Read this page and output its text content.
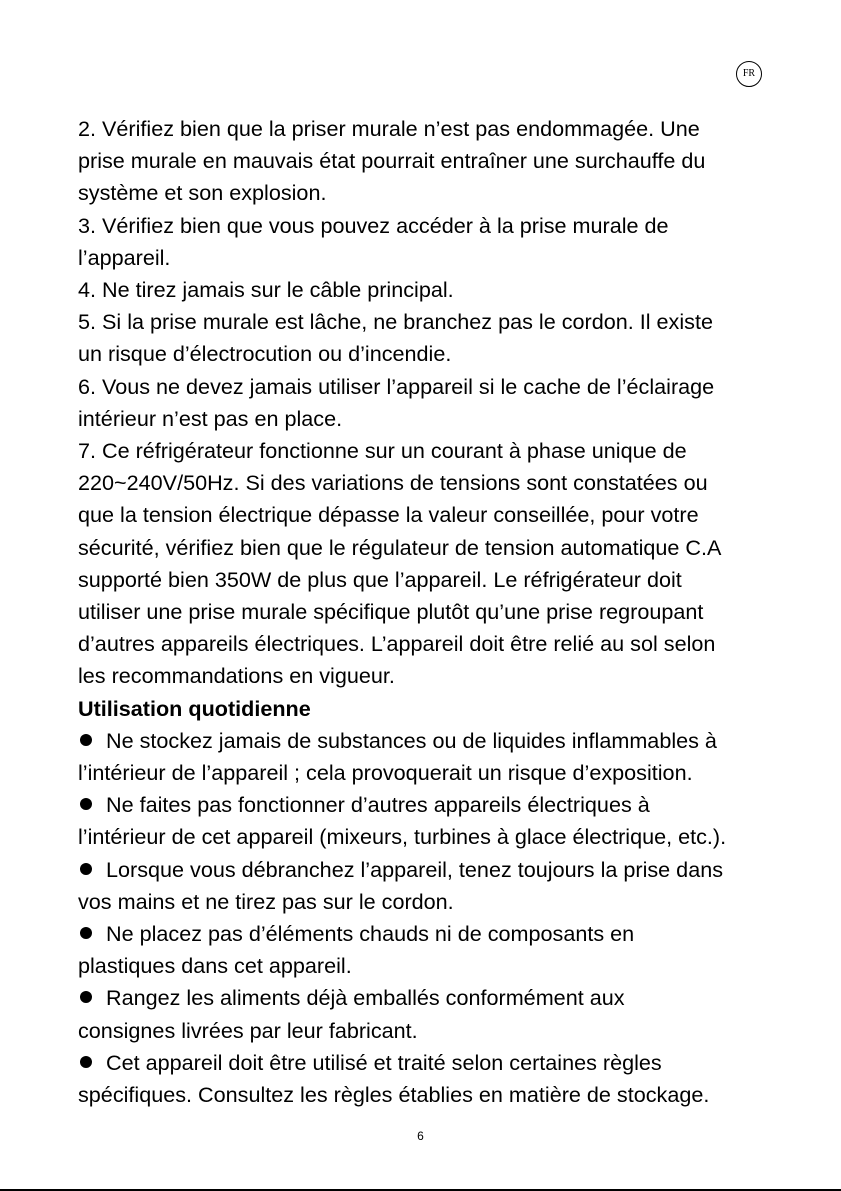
FR

2. Vérifiez bien que la priser murale n’est pas endommagée. Une
prise murale en mauvais état pourrait entraîner une surchauffe du
système et son explosion.

3. Vérifiez bien que vous pouvez accéder à la prise murale de
l’appareil.

4. Ne tirez jamais sur le câble principal.

5. Si la prise murale est lâche, ne branchez pas le cordon. Il existe
un risque d’électrocution ou d’incendie.

6. Vous ne devez jamais utiliser l’appareil si le cache de l’éclairage
intérieur n’est pas en place.

7. Ce réfrigérateur fonctionne sur un courant à phase unique de
220~240V/50Hz. Si des variations de tensions sont constatées ou
que la tension électrique dépasse la valeur conseillée, pour votre
sécurité, vérifiez bien que le régulateur de tension automatique C.A
supporté bien 350W de plus que l’appareil. Le réfrigérateur doit
utiliser une prise murale spécifique plutôt qu’une prise regroupant
d’autres appareils électriques. L’appareil doit être relié au sol selon
les recommandations en vigueur.

Utilisation quotidienne

Ne stockez jamais de substances ou de liquides inflammables à
l’intérieur de l’appareil ; cela provoquerait un risque d’exposition.

Ne faites pas fonctionner d’autres appareils électriques à
l’intérieur de cet appareil (mixeurs, turbines à glace électrique, etc.).

Lorsque vous débranchez l’appareil, tenez toujours la prise dans
vos mains et ne tirez pas sur le cordon.

Ne placez pas d’éléments chauds ni de composants en
plastiques dans cet appareil.

Rangez les aliments déjà emballés conformément aux
consignes livrées par leur fabricant.

Cet appareil doit être utilisé et traité selon certaines règles
spécifiques. Consultez les règles établies en matière de stockage.

6
